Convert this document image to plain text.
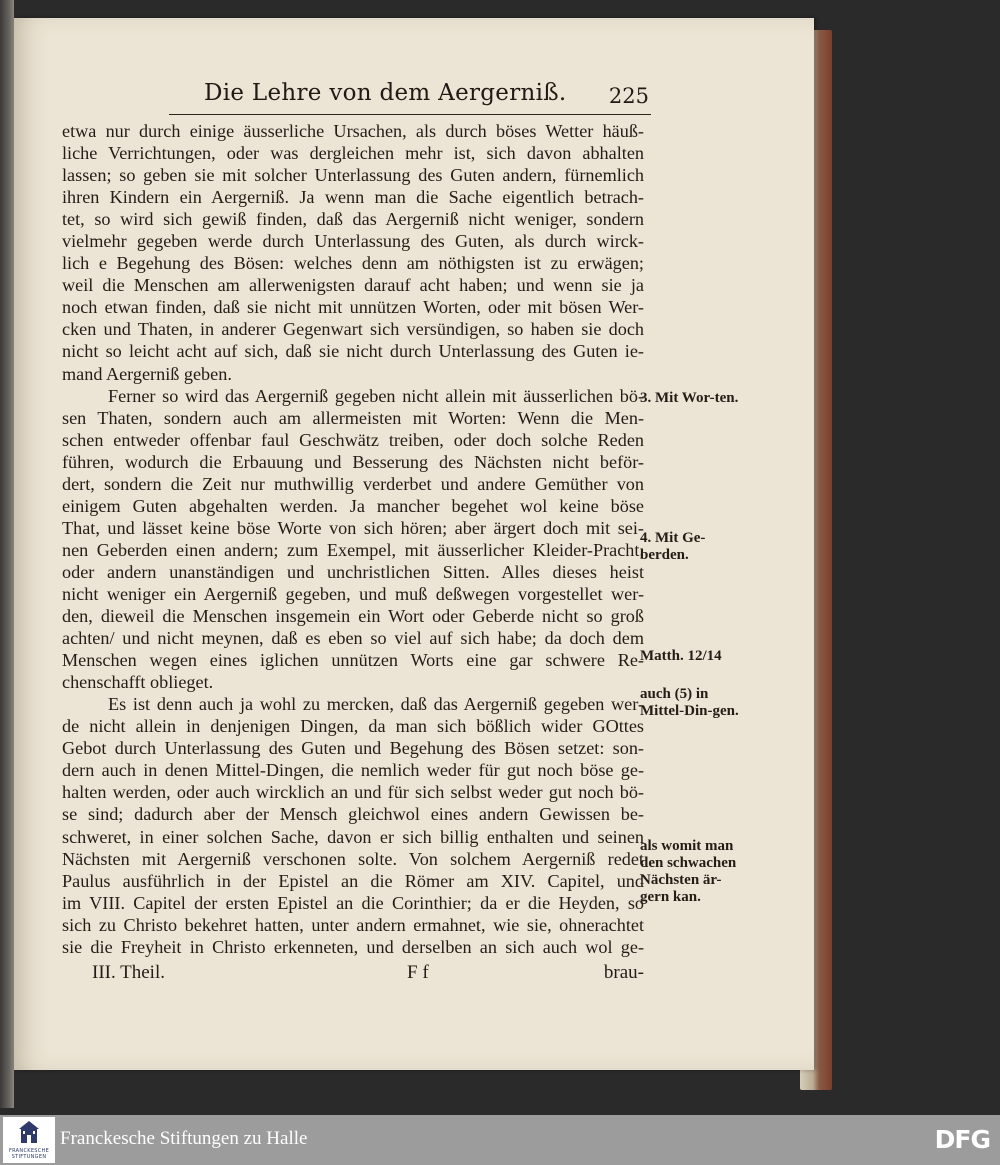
Die Lehre von dem Aergerniß. 225
etwa nur durch einige äusserliche Ursachen, als durch böses Wetter häuß-
liche Verrichtungen, oder was dergleichen mehr ist, sich davon abhalten
lassen; so geben sie mit solcher Unterlassung des Guten andern, fürnemlich
ihren Kindern ein Aergerniß. Ja wenn man die Sache eigentlich betrach-
tet, so wird sich gewiß finden, daß das Aergerniß nicht weniger, sondern
vielmehr gegeben werde durch Unterlassung des Guten, als durch wirck-
lich e Begehung des Bösen: welches denn am nöthigsten ist zu erwägen;
weil die Menschen am allerwenigsten darauf acht haben; und wenn sie ja
noch etwan finden, daß sie nicht mit unnützen Worten, oder mit bösen Wer-
cken und Thaten, in anderer Gegenwart sich versündigen, so haben sie doch
nicht so leicht acht auf sich, daß sie nicht durch Unterlassung des Guten ie-
mand Aergerniß geben.
Ferner so wird das Aergerniß gegeben nicht allein mit äusserlichen bö-
sen Thaten, sondern auch am allermeisten mit Worten: Wenn die Men-
schen entweder offenbar faul Geschwätz treiben, oder doch solche Reden
führen, wodurch die Erbauung und Besserung des Nächsten nicht beför-
dert, sondern die Zeit nur muthwillig verderbet und andere Gemüther von
einigem Guten abgehalten werden. Ja mancher begehet wol keine böse
That, und lässet keine böse Worte von sich hören; aber ärgert doch mit sei-
nen Geberden einen andern; zum Exempel, mit äusserlicher Kleider-Pracht,
oder andern unanständigen und unchristlichen Sitten. Alles dieses heist
nicht weniger ein Aergerniß gegeben, und muß deßwegen vorgestellet wer-
den, dieweil die Menschen insgemein ein Wort oder Geberde nicht so groß
achten/ und nicht meynen, daß es eben so viel auf sich habe; da doch dem
Menschen wegen eines iglichen unnützen Worts eine gar schwere Re-
chenschafft oblieget.
Es ist denn auch ja wohl zu mercken, daß das Aergerniß gegeben wer-
de nicht allein in denjenigen Dingen, da man sich bößlich wider GOttes
Gebot durch Unterlassung des Guten und Begehung des Bösen setzet: son-
dern auch in denen Mittel-Dingen, die nemlich weder für gut noch böse ge-
halten werden, oder auch wircklich an und für sich selbst weder gut noch bö-
se sind; dadurch aber der Mensch gleichwol eines andern Gewissen be-
schweret, in einer solchen Sache, davon er sich billig enthalten und seinen
Nächsten mit Aergerniß verschonen solte. Von solchem Aergerniß redet
Paulus ausführlich in der Epistel an die Römer am XIV. Capitel, und
im VIII. Capitel der ersten Epistel an die Corinthier; da er die Heyden, so
sich zu Christo bekehret hatten, unter andern ermahnet, wie sie, ohnerachtet
sie die Freyheit in Christo erkenneten, und derselben an sich auch wol ge-
3. Mit Wor-ten.
4. Mit Ge-berden.
Matth. 12/14
auch (5) in Mittel-Din-gen.
als womit man den schwachen Nächsten är-gern kan.
III. Theil.	F f	brau-
FRANCKESCHE STIFTUNGEN
Franckesche Stiftungen zu Halle	DFG
